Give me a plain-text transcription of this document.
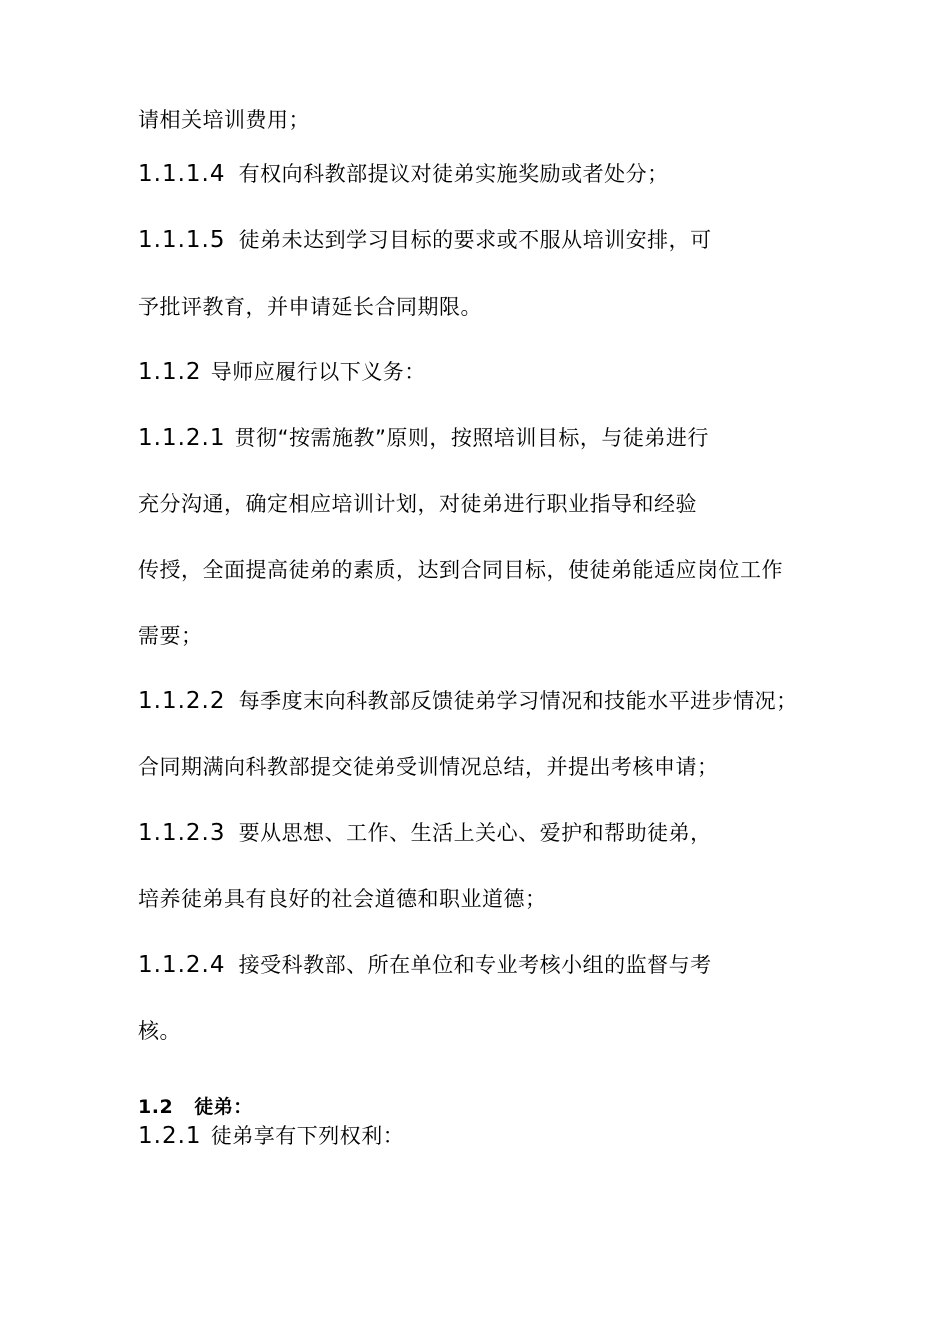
请相关培训费用；
1.1.1.4 有权向科教部提议对徒弟实施奖励或者处分；
1.1.1.5 徒弟未达到学习目标的要求或不服从培训安排，可
予批评教育，并申请延长合同期限。
1.1.2 导师应履行以下义务：
1.1.2.1 贯彻“按需施教”原则，按照培训目标，与徒弟进行
充分沟通，确定相应培训计划，对徒弟进行职业指导和经验
传授，全面提高徒弟的素质，达到合同目标，使徒弟能适应岗位工作
需要；
1.1.2.2 每季度末向科教部反馈徒弟学习情况和技能水平进步情况；
合同期满向科教部提交徒弟受训情况总结，并提出考核申请；
1.1.2.3 要从思想、工作、生活上关心、爱护和帮助徒弟，
培养徒弟具有良好的社会道德和职业道德；
1.1.2.4 接受科教部、所在单位和专业考核小组的监督与考
核。
1.2 徒弟：
1.2.1 徒弟享有下列权利：
